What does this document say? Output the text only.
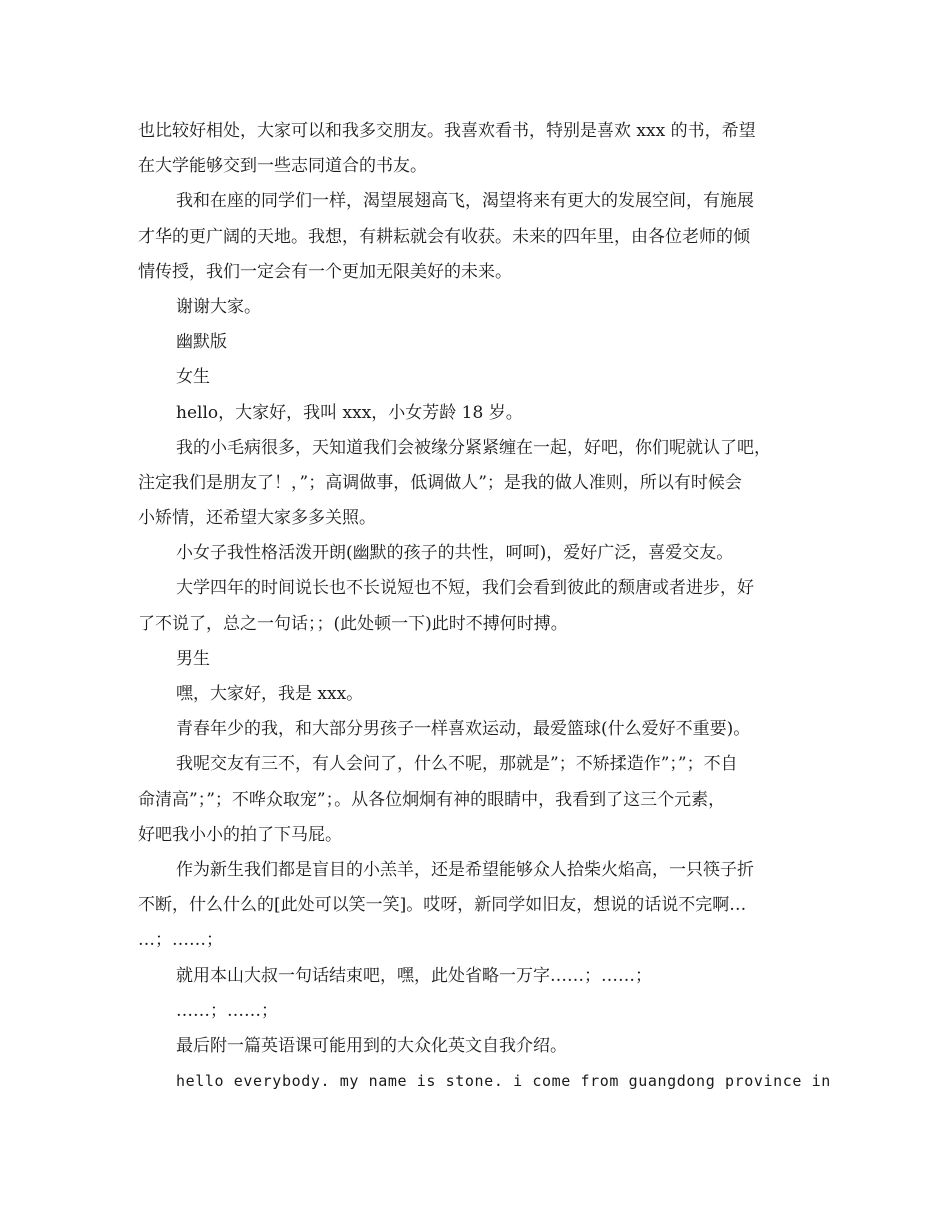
也比较好相处，大家可以和我多交朋友。我喜欢看书，特别是喜欢 xxx 的书，希望
在大学能够交到一些志同道合的书友。
我和在座的同学们一样，渴望展翅高飞，渴望将来有更大的发展空间，有施展
才华的更广阔的天地。我想，有耕耘就会有收获。未来的四年里，由各位老师的倾
情传授，我们一定会有一个更加无限美好的未来。
谢谢大家。
幽默版
女生
hello，大家好，我叫 xxx，小女芳龄 18 岁。
我的小毛病很多，天知道我们会被缘分紧紧缠在一起，好吧，你们呢就认了吧，
注定我们是朋友了！，”；高调做事，低调做人”；是我的做人准则，所以有时候会
小矫情，还希望大家多多关照。
小女子我性格活泼开朗(幽默的孩子的共性，呵呵)，爱好广泛，喜爱交友。
大学四年的时间说长也不长说短也不短，我们会看到彼此的颓唐或者进步，好
了不说了，总之一句话；；(此处顿一下)此时不搏何时搏。
男生
嘿，大家好，我是 xxx。
青春年少的我，和大部分男孩子一样喜欢运动，最爱篮球(什么爱好不重要)。
我呢交友有三不，有人会问了，什么不呢，那就是”；不矫揉造作”；”；不自
命清高”；”；不哗众取宠”；。从各位炯炯有神的眼睛中，我看到了这三个元素，
好吧我小小的拍了下马屁。
作为新生我们都是盲目的小羔羊，还是希望能够众人拾柴火焰高，一只筷子折
不断，什么什么的[此处可以笑一笑]。哎呀，新同学如旧友，想说的话说不完啊…
…；……；
就用本山大叔一句话结束吧，嘿，此处省略一万字……；……；
……；……；
最后附一篇英语课可能用到的大众化英文自我介绍。
hello everybody. my name is stone. i come from guangdong province in
